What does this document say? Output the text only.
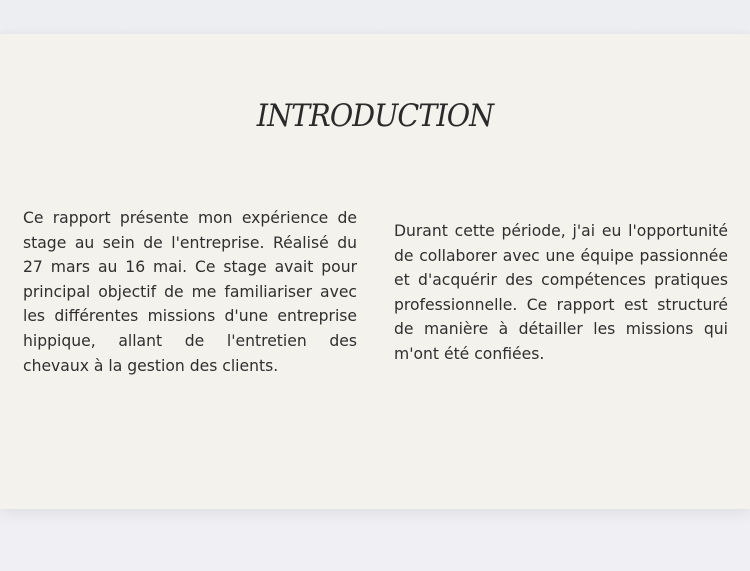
INTRODUCTION
Ce rapport présente mon expérience de stage au sein de l'entreprise. Réalisé du 27 mars au 16 mai. Ce stage avait pour principal objectif de me familiariser avec les différentes missions d'une entreprise hippique, allant de l'entretien des chevaux à la gestion des clients.
Durant cette période, j'ai eu l'opportunité de collaborer avec une équipe passionnée et d'acquérir des compétences pratiques professionnelle. Ce rapport est structuré de manière à détailler les missions qui m'ont été confiées.
